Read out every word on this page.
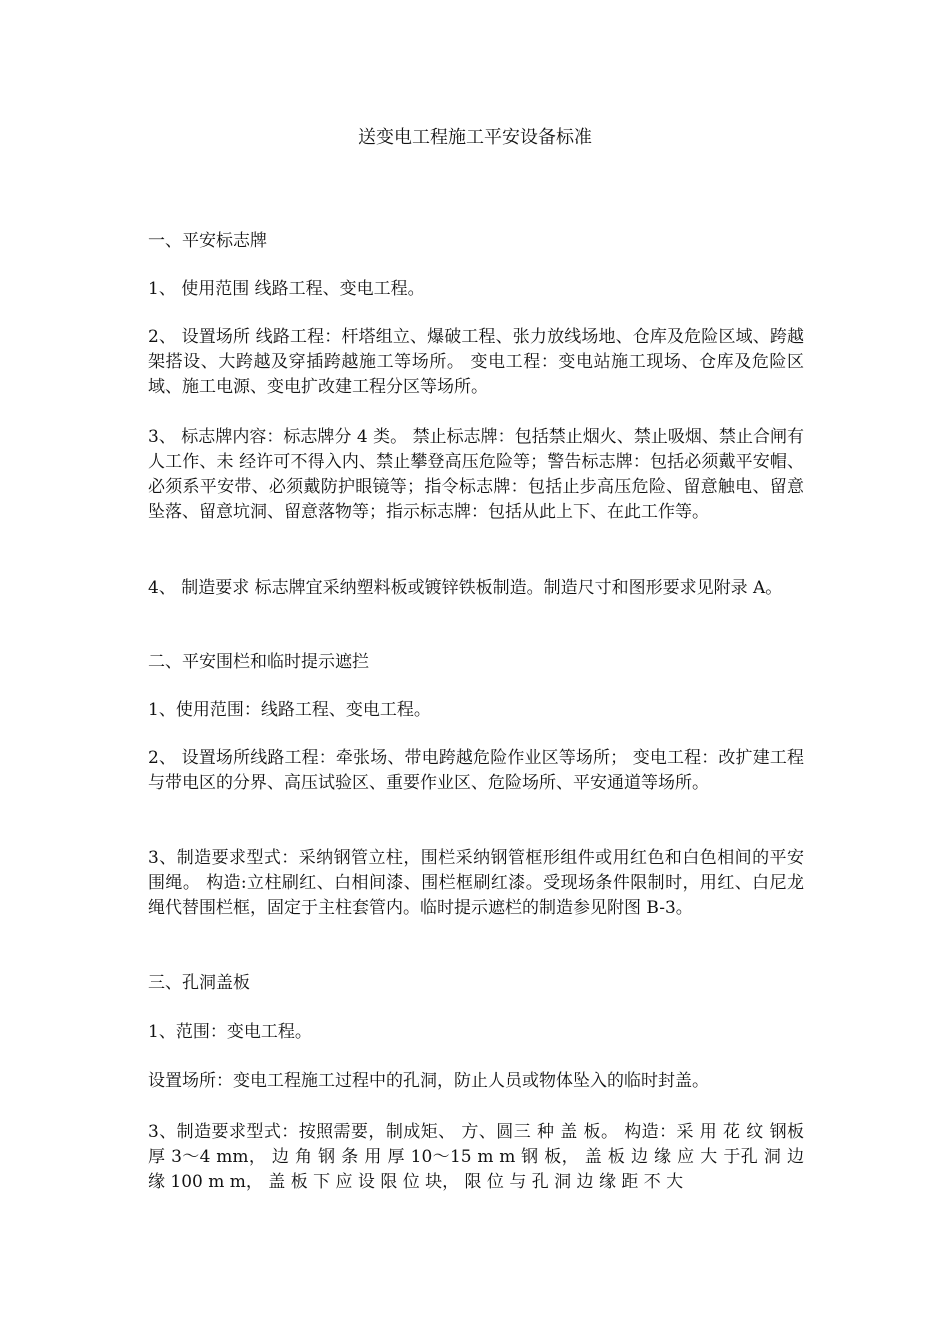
送变电工程施工平安设备标准
一、平安标志牌
1、 使用范围 线路工程、变电工程。
2、 设置场所 线路工程：杆塔组立、爆破工程、张力放线场地、仓库及危险区域、跨越架搭设、大跨越及穿插跨越施工等场所。 变电工程：变电站施工现场、仓库及危险区域、施工电源、变电扩改建工程分区等场所。
3、 标志牌内容：标志牌分 4 类。 禁止标志牌：包括禁止烟火、禁止吸烟、禁止合闸有人工作、未 经许可不得入内、禁止攀登高压危险等；警告标志牌：包括必须戴平安帽、必须系平安带、必须戴防护眼镜等；指令标志牌：包括止步高压危险、留意触电、留意坠落、留意坑洞、留意落物等；指示标志牌：包括从此上下、在此工作等。
4、 制造要求 标志牌宜采纳塑料板或镀锌铁板制造。制造尺寸和图形要求见附录 A。
二、平安围栏和临时提示遮拦
1、使用范围：线路工程、变电工程。
2、 设置场所线路工程：牵张场、带电跨越危险作业区等场所； 变电工程：改扩建工程与带电区的分界、高压试验区、重要作业区、危险场所、平安通道等场所。
3、制造要求型式：采纳钢管立柱，围栏采纳钢管框形组件或用红色和白色相间的平安围绳。 构造:立柱刷红、白相间漆、围栏框刷红漆。受现场条件限制时，用红、白尼龙绳代替围栏框，固定于主柱套管内。临时提示遮栏的制造参见附图 B-3。
三、孔洞盖板
1、范围：变电工程。
设置场所：变电工程施工过程中的孔洞，防止人员或物体坠入的临时封盖。
3、制造要求型式：按照需要，制成矩、 方、圆三 种 盖 板。 构造：采 用 花 纹 钢板 厚 3～4 mm， 边 角 钢 条 用 厚 10～15 m m 钢 板， 盖 板 边 缘 应 大 于孔 洞 边 缘 100 m m， 盖 板 下 应 设 限 位 块， 限 位 与 孔 洞 边 缘 距 不 大
